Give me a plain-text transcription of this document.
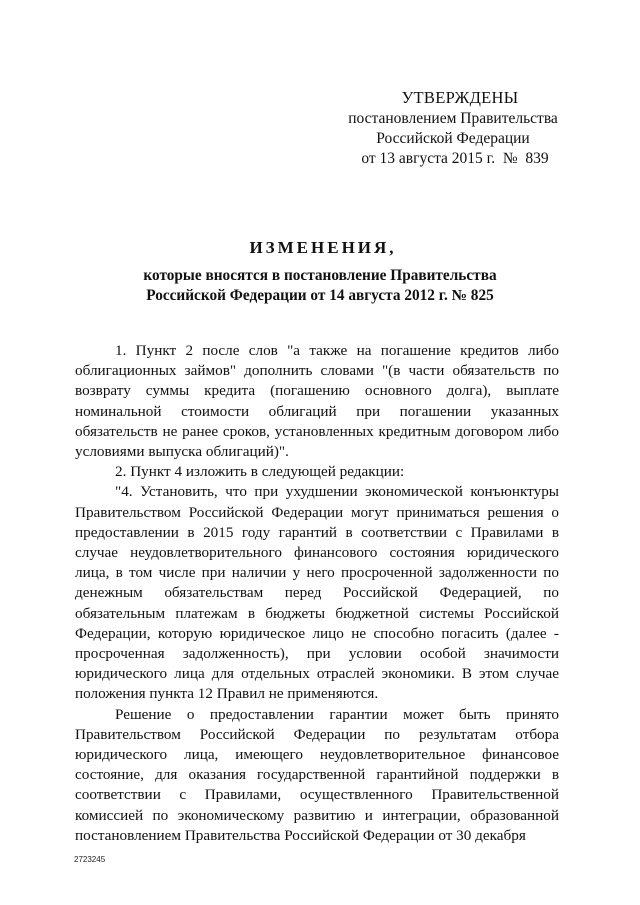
УТВЕРЖДЕНЫ
постановлением Правительства
Российской Федерации
от 13 августа 2015 г.  №  839
ИЗМЕНЕНИЯ,
которые вносятся в постановление Правительства
Российской Федерации от 14 августа 2012 г. № 825

1. Пункт 2 после слов "а также на погашение кредитов либо облигационных займов" дополнить словами "(в части обязательств по возврату суммы кредита (погашению основного долга), выплате номинальной стоимости облигаций при погашении указанных обязательств не ранее сроков, установленных кредитным договором либо условиями выпуска облигаций)".

2. Пункт 4 изложить в следующей редакции:

"4. Установить, что при ухудшении экономической конъюнктуры Правительством Российской Федерации могут приниматься решения о предоставлении в 2015 году гарантий в соответствии с Правилами в случае неудовлетворительного финансового состояния юридического лица, в том числе при наличии у него просроченной задолженности по денежным обязательствам перед Российской Федерацией, по обязательным платежам в бюджеты бюджетной системы Российской Федерации, которую юридическое лицо не способно погасить (далее - просроченная задолженность), при условии особой значимости юридического лица для отдельных отраслей экономики. В этом случае положения пункта 12 Правил не применяются.

Решение о предоставлении гарантии может быть принято Правительством Российской Федерации по результатам отбора юридического лица, имеющего неудовлетворительное финансовое состояние, для оказания государственной гарантийной поддержки в соответствии с Правилами, осуществленного Правительственной комиссией по экономическому развитию и интеграции, образованной постановлением Правительства Российской Федерации от 30 декабря

2723245
